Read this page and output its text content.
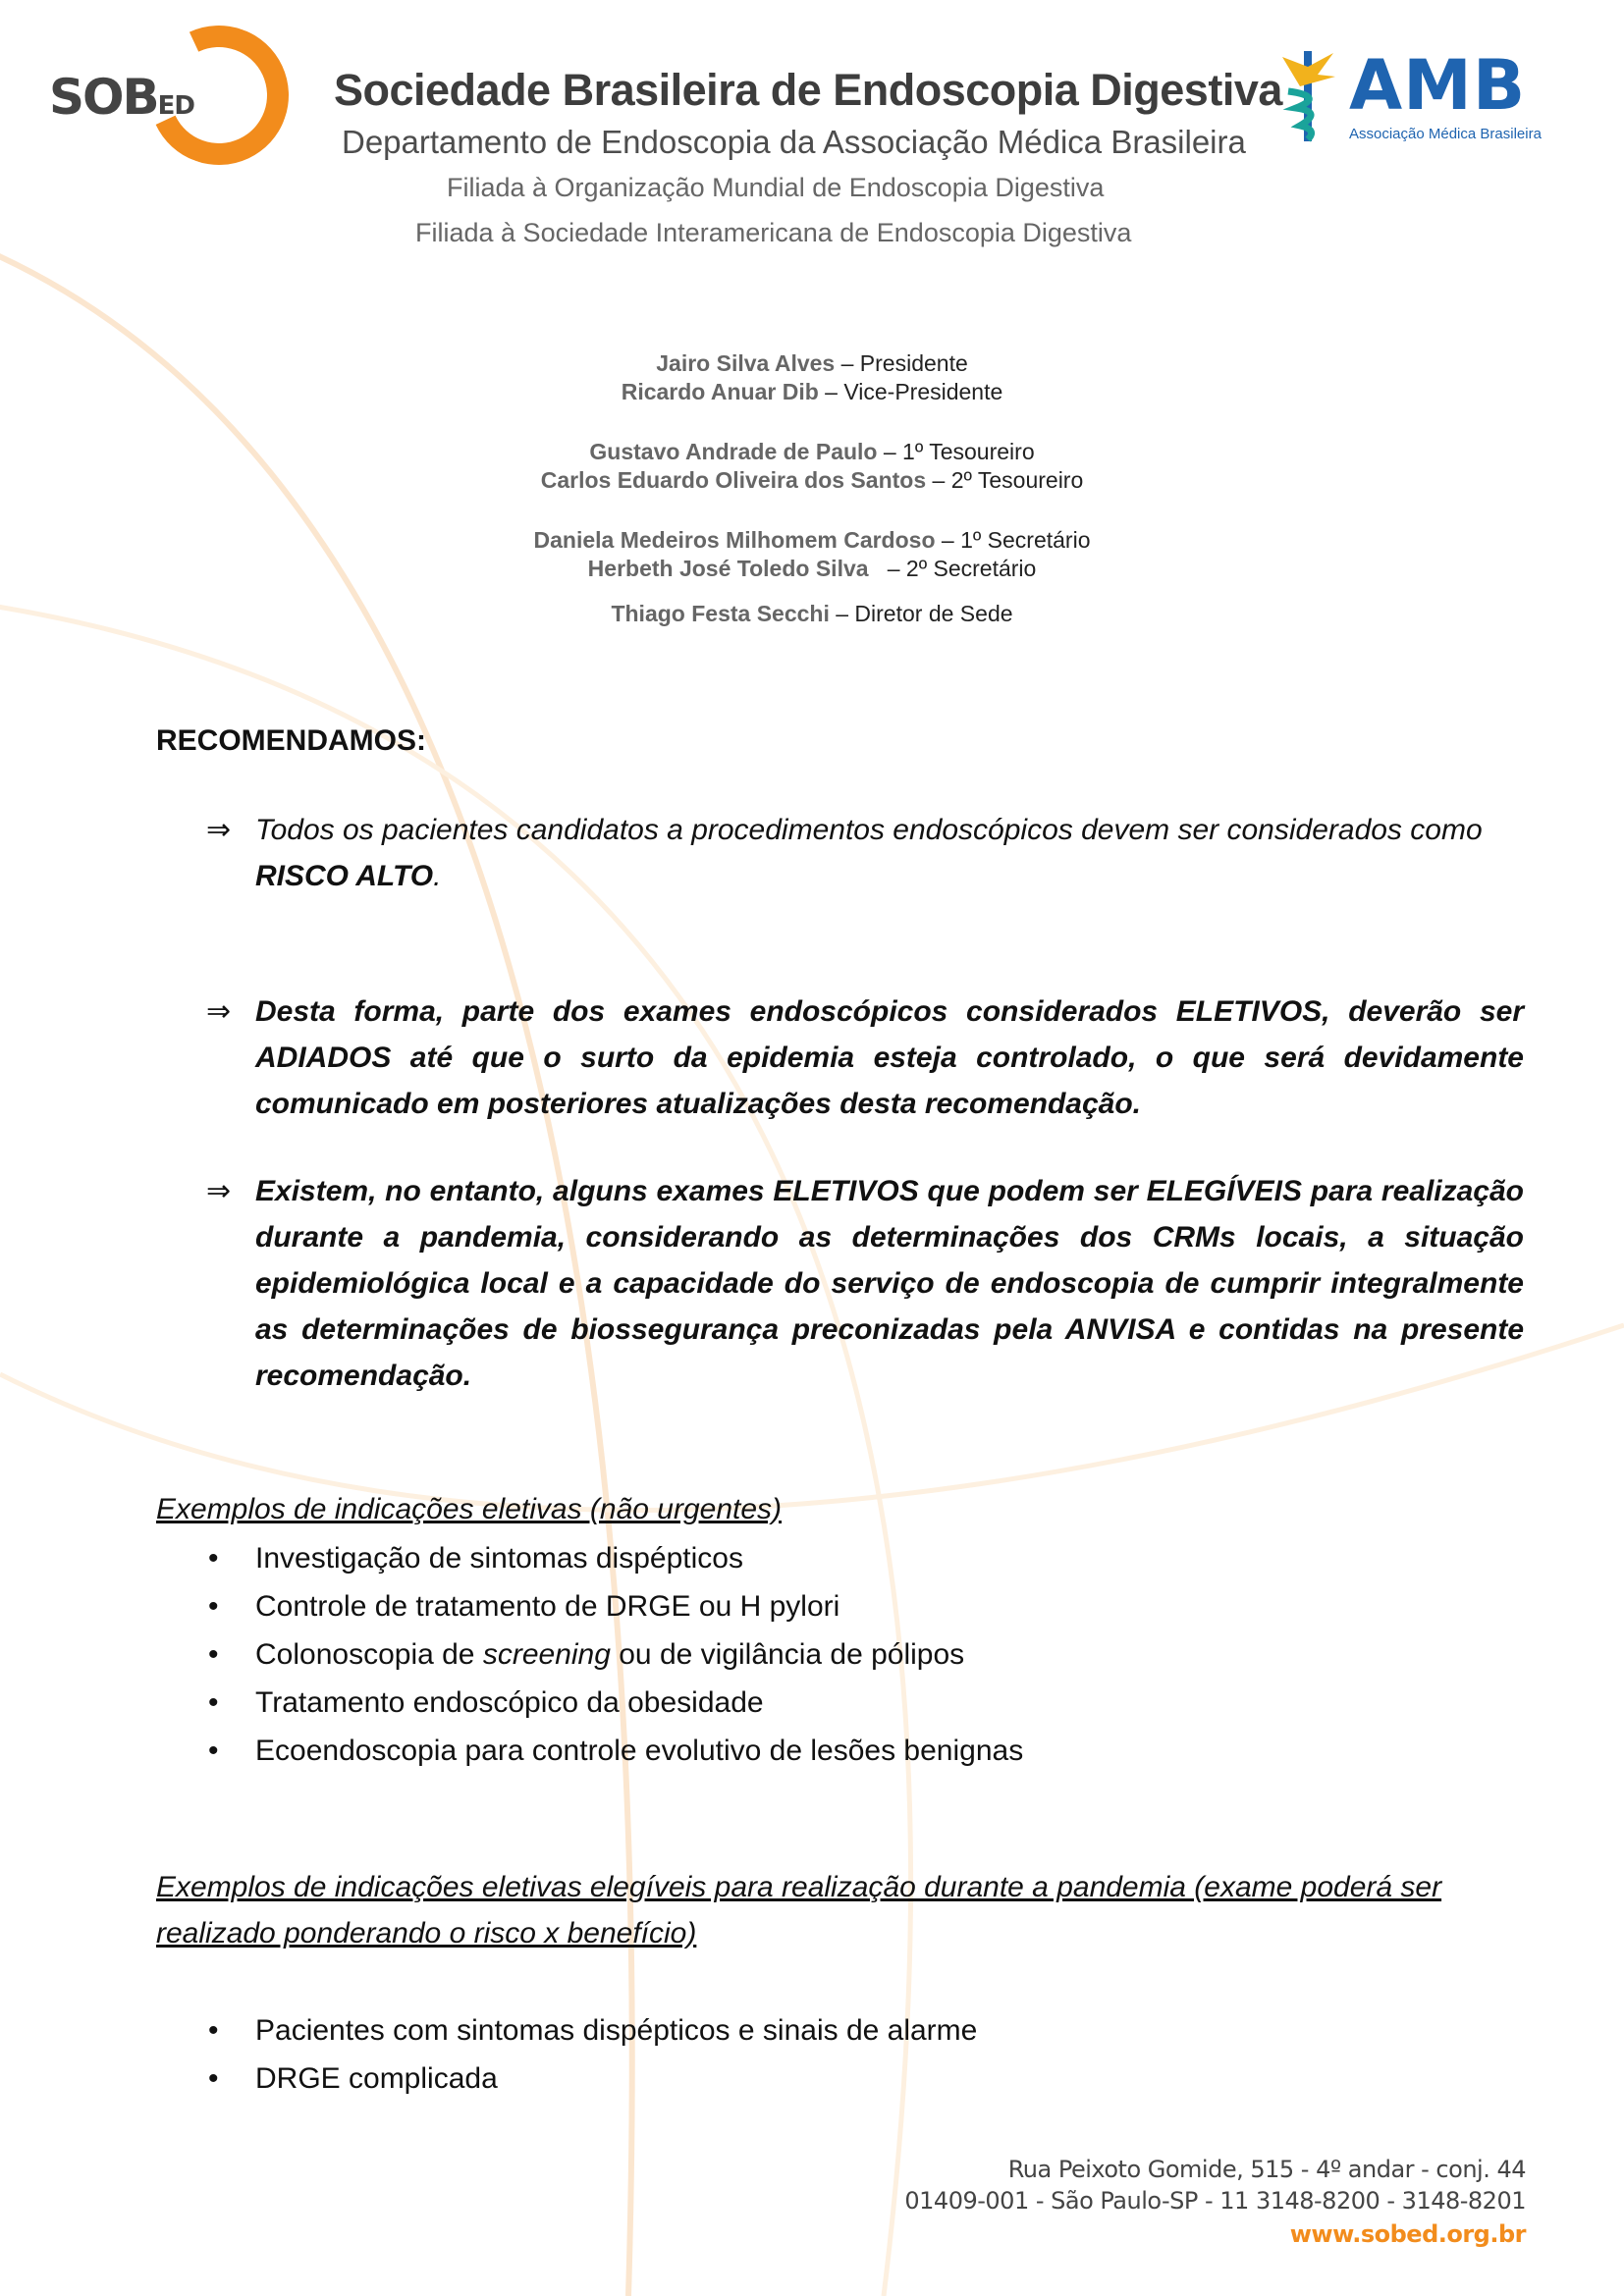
SOBED	Sociedade Brasileira de Endoscopia Digestiva
Departamento de Endoscopia da Associação Médica Brasileira
Filiada à Organização Mundial de Endoscopia Digestiva
Filiada à Sociedade Interamericana de Endoscopia Digestiva
AMB
Associação Médica Brasileira
Jairo Silva Alves – Presidente
Ricardo Anuar Dib – Vice-Presidente
Gustavo Andrade de Paulo – 1º Tesoureiro
Carlos Eduardo Oliveira dos Santos – 2º Tesoureiro
Daniela Medeiros Milhomem Cardoso – 1º Secretário
Herbeth José Toledo Silva   – 2º Secretário
Thiago Festa Secchi – Diretor de Sede
RECOMENDAMOS:
⇒ Todos os pacientes candidatos a procedimentos endoscópicos devem ser considerados como RISCO ALTO.
⇒ Desta forma, parte dos exames endoscópicos considerados ELETIVOS, deverão ser ADIADOS até que o surto da epidemia esteja controlado, o que será devidamente comunicado em posteriores atualizações desta recomendação.
⇒ Existem, no entanto, alguns exames ELETIVOS que podem ser ELEGÍVEIS para realização durante a pandemia, considerando as determinações dos CRMs locais, a situação epidemiológica local e a capacidade do serviço de endoscopia de cumprir integralmente as determinações de biossegurança preconizadas pela ANVISA e contidas na presente recomendação.
Exemplos de indicações eletivas (não urgentes)
• Investigação de sintomas dispépticos
• Controle de tratamento de DRGE ou H pylori
• Colonoscopia de screening ou de vigilância de pólipos
• Tratamento endoscópico da obesidade
• Ecoendoscopia para controle evolutivo de lesões benignas
Exemplos de indicações eletivas elegíveis para realização durante a pandemia (exame poderá ser realizado ponderando o risco x benefício)
• Pacientes com sintomas dispépticos e sinais de alarme
• DRGE complicada
Rua Peixoto Gomide, 515 - 4º andar - conj. 44
01409-001 - São Paulo-SP - 11 3148-8200 - 3148-8201
www.sobed.org.br
